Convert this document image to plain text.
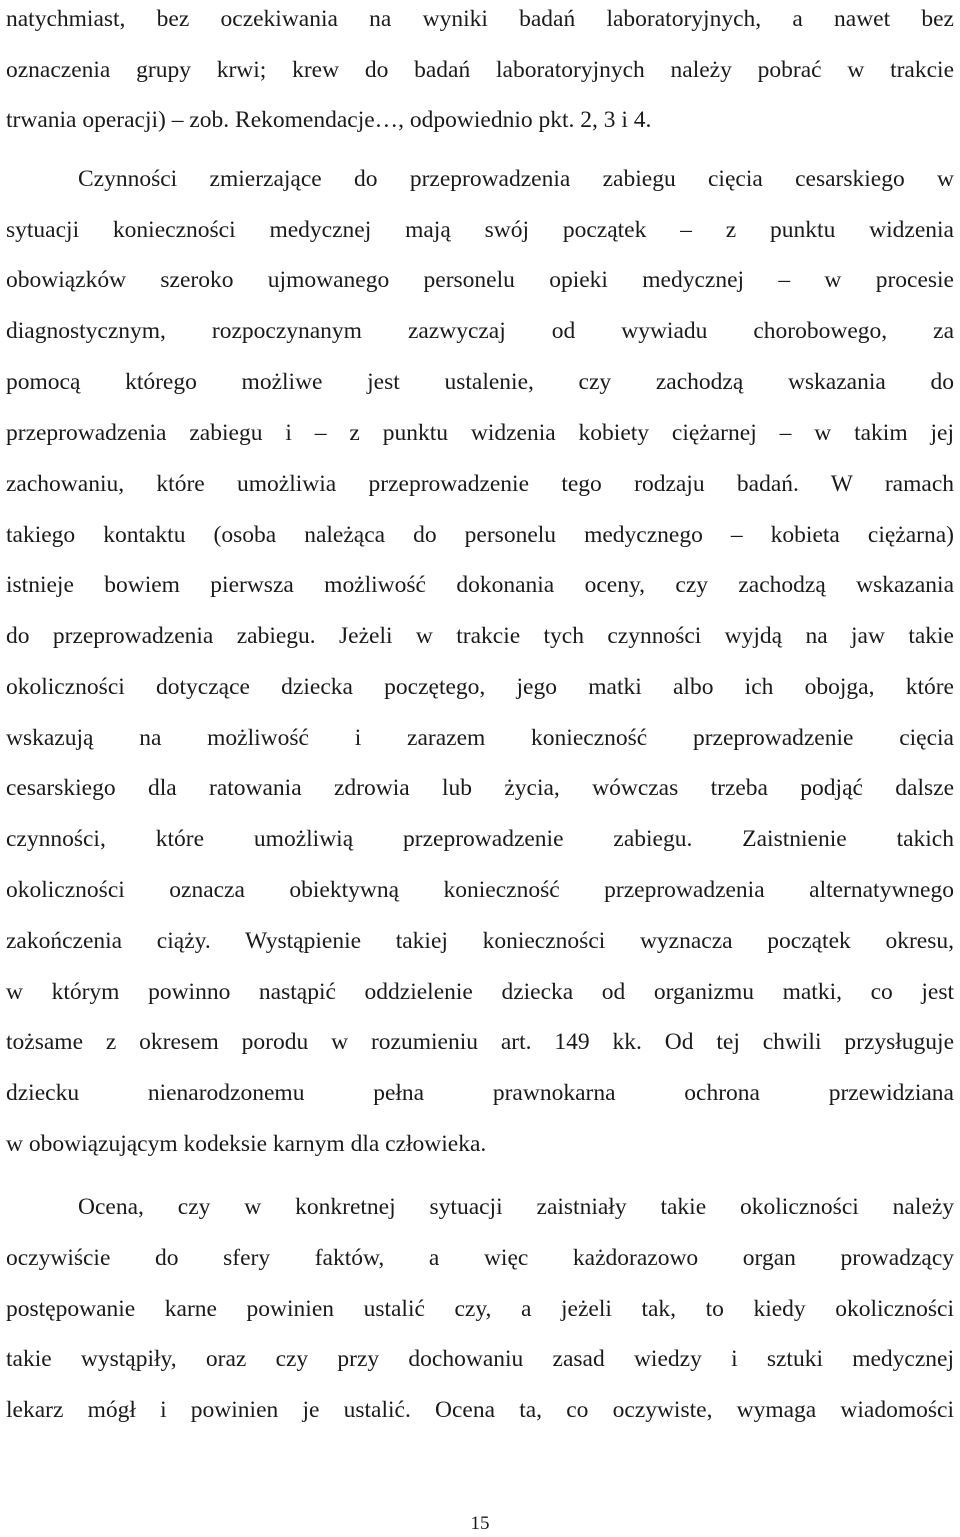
natychmiast, bez oczekiwania na wyniki badań laboratoryjnych, a nawet bez
oznaczenia grupy krwi; krew do badań laboratoryjnych należy pobrać w trakcie
trwania operacji) – zob. Rekomendacje…, odpowiednio pkt. 2, 3 i 4.
Czynności zmierzające do przeprowadzenia zabiegu cięcia cesarskiego w
sytuacji konieczności medycznej mają swój początek – z punktu widzenia
obowiązków szeroko ujmowanego personelu opieki medycznej – w procesie
diagnostycznym, rozpoczynanym zazwyczaj od wywiadu chorobowego, za
pomocą którego możliwe jest ustalenie, czy zachodzą wskazania do
przeprowadzenia zabiegu i – z punktu widzenia kobiety ciężarnej – w takim jej
zachowaniu, które umożliwia przeprowadzenie tego rodzaju badań. W ramach
takiego kontaktu (osoba należąca do personelu medycznego – kobieta ciężarna)
istnieje bowiem pierwsza możliwość dokonania oceny, czy zachodzą wskazania
do przeprowadzenia zabiegu. Jeżeli w trakcie tych czynności wyjdą na jaw takie
okoliczności dotyczące dziecka poczętego, jego matki albo ich obojga, które
wskazują na możliwość i zarazem konieczność przeprowadzenie cięcia
cesarskiego dla ratowania zdrowia lub życia, wówczas trzeba podjąć dalsze
czynności, które umożliwią przeprowadzenie zabiegu. Zaistnienie takich
okoliczności oznacza obiektywną konieczność przeprowadzenia alternatywnego
zakończenia ciąży. Wystąpienie takiej konieczności wyznacza początek okresu,
w którym powinno nastąpić oddzielenie dziecka od organizmu matki, co jest
tożsame z okresem porodu w rozumieniu art. 149 kk. Od tej chwili przysługuje
dziecku nienarodzonemu pełna prawnokarna ochrona przewidziana
w obowiązującym kodeksie karnym dla człowieka.
Ocena, czy w konkretnej sytuacji zaistniały takie okoliczności należy
oczywiście do sfery faktów, a więc każdorazowo organ prowadzący
postępowanie karne powinien ustalić czy, a jeżeli tak, to kiedy okoliczności
takie wystąpiły, oraz czy przy dochowaniu zasad wiedzy i sztuki medycznej
lekarz mógł i powinien je ustalić. Ocena ta, co oczywiste, wymaga wiadomości
15
